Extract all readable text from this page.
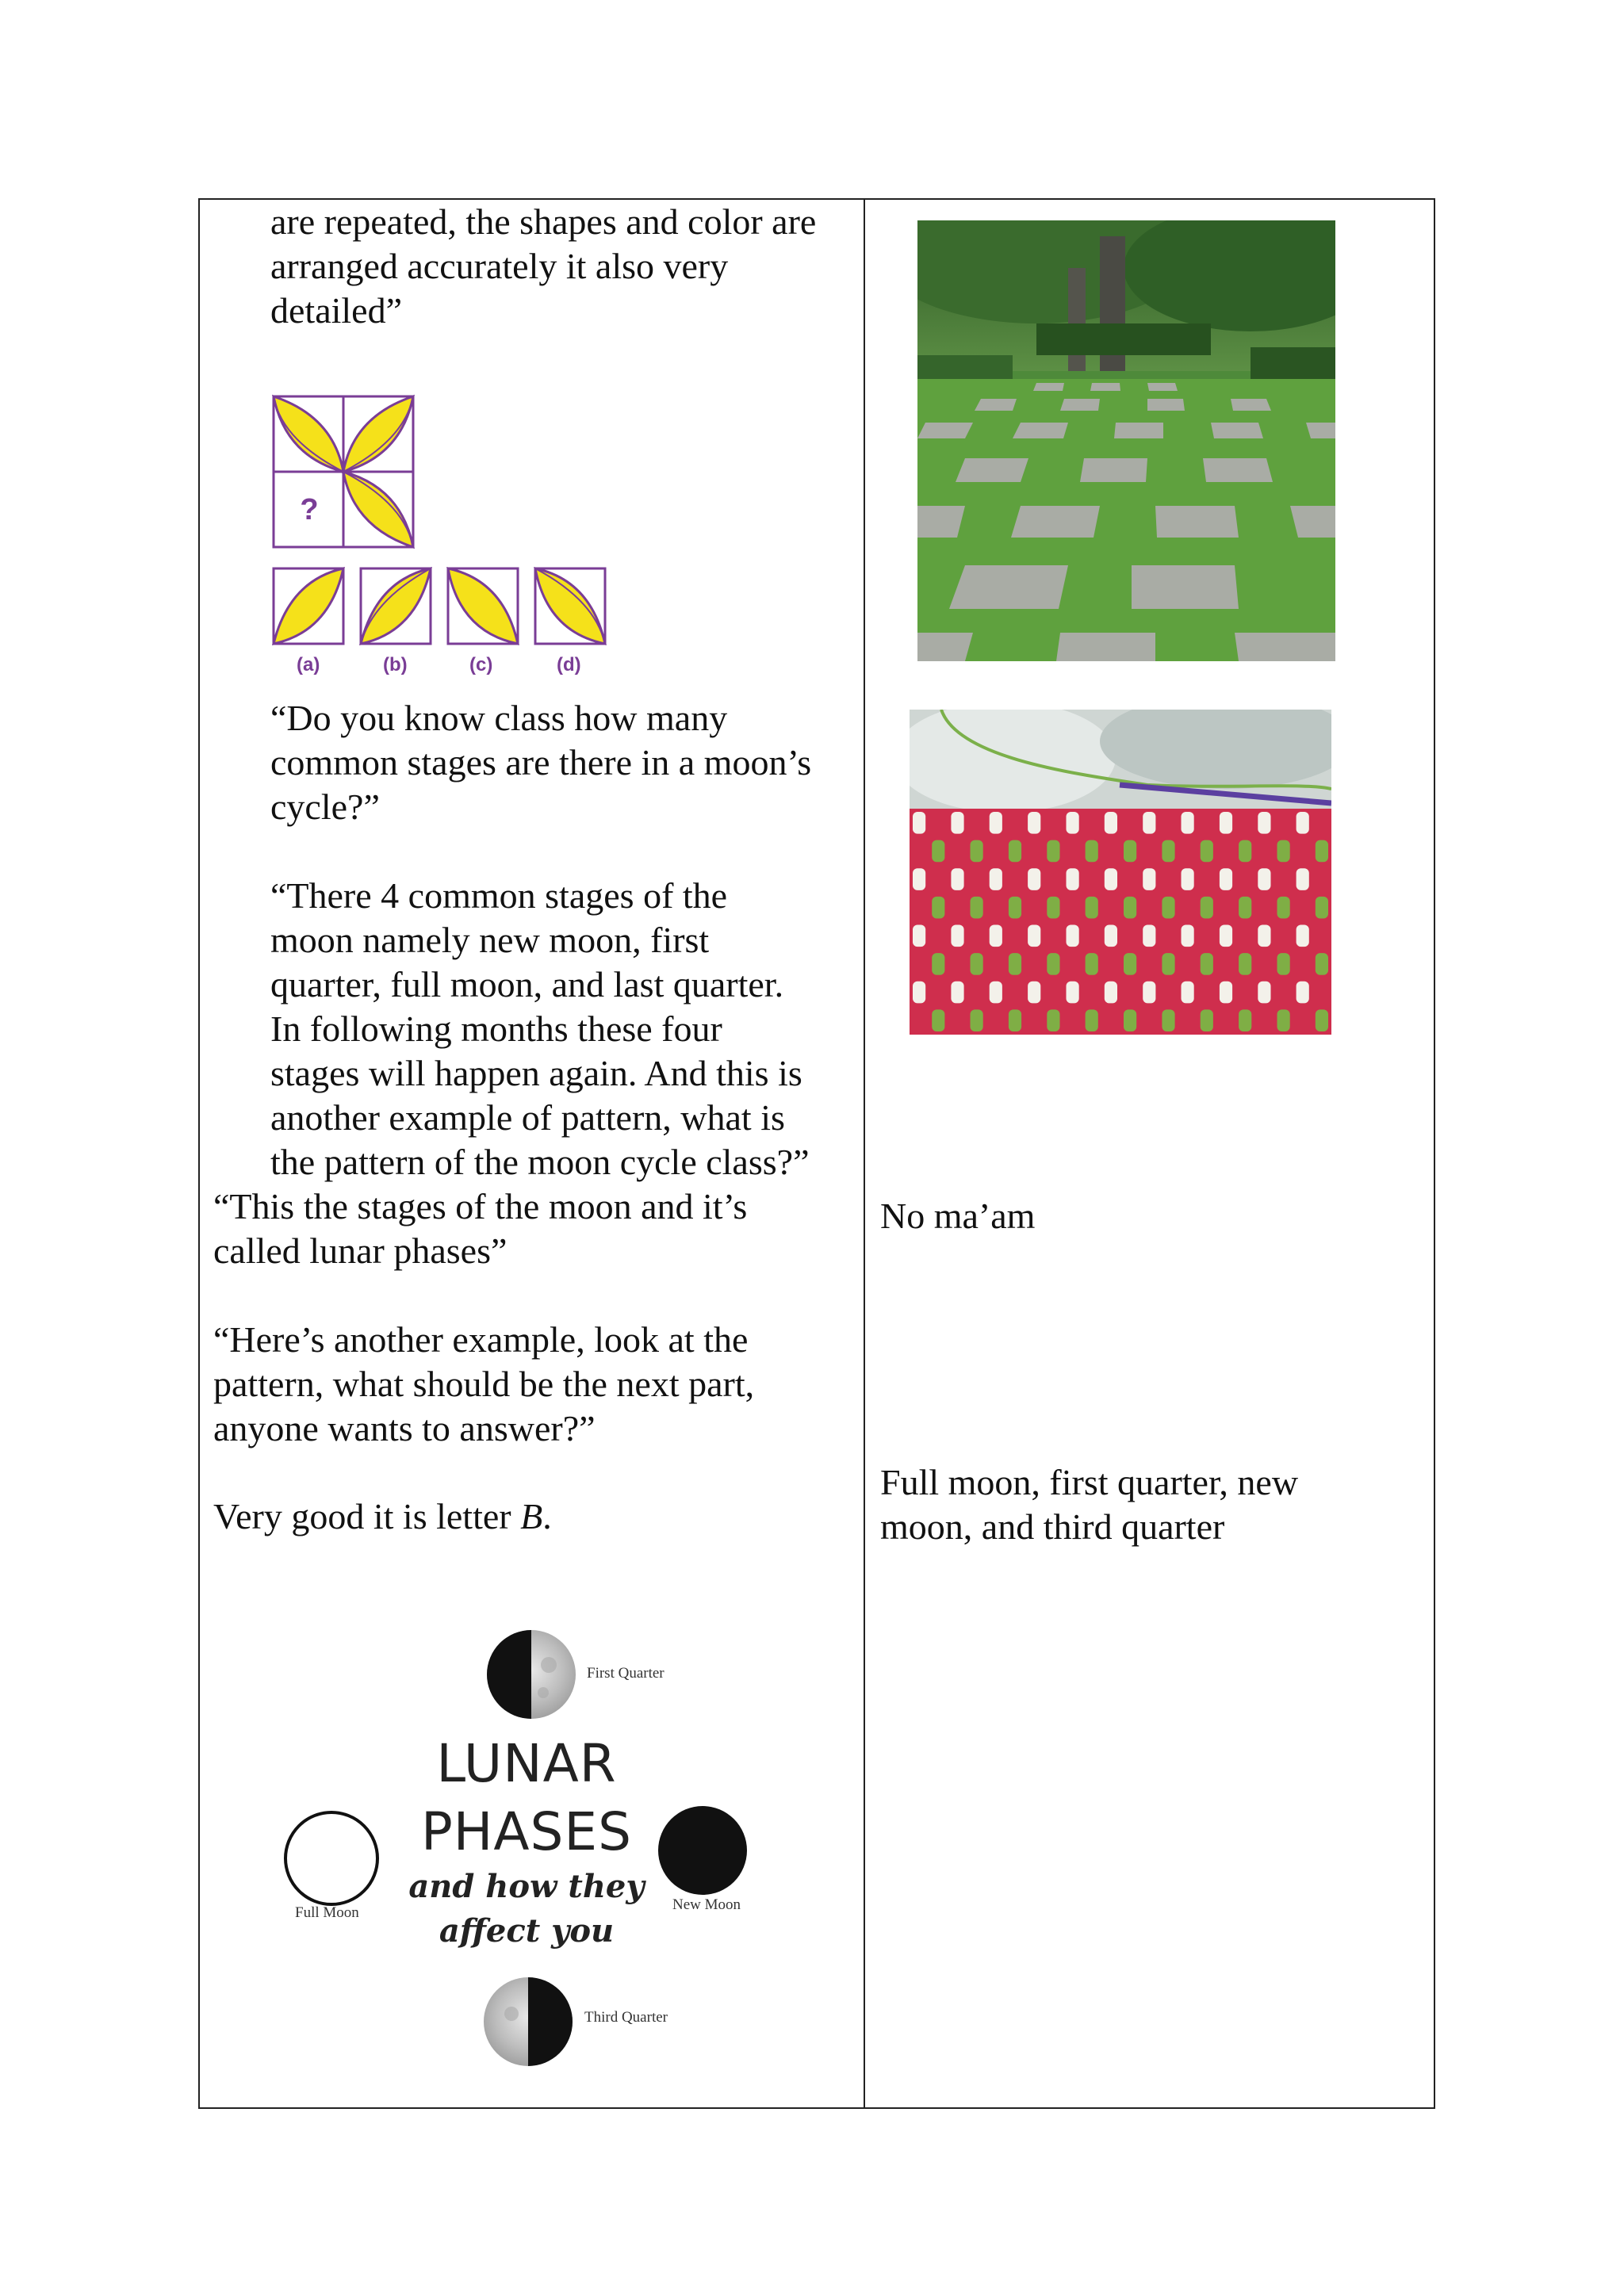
are repeated, the shapes and color are
arranged accurately it also very
detailed”
?
(a)	(b)	(c)	(d)
“Do you know class how many
common stages are there in a moon’s
cycle?”
“There 4 common stages of the
moon namely new moon, first
quarter, full moon, and last quarter.
In following months these four
stages will happen again. And this is
another example of pattern, what is
the pattern of the moon cycle class?”
“This the stages of the moon and it’s
called lunar phases”
“Here’s another example, look at the
pattern, what should be the next part,
anyone wants to answer?”
Very good it is letter B.
First Quarter
Full Moon	New Moon
Third Quarter
LUNAR
PHASES
and how they
affect you
No ma’am
Full moon, first quarter, new
moon, and third quarter
